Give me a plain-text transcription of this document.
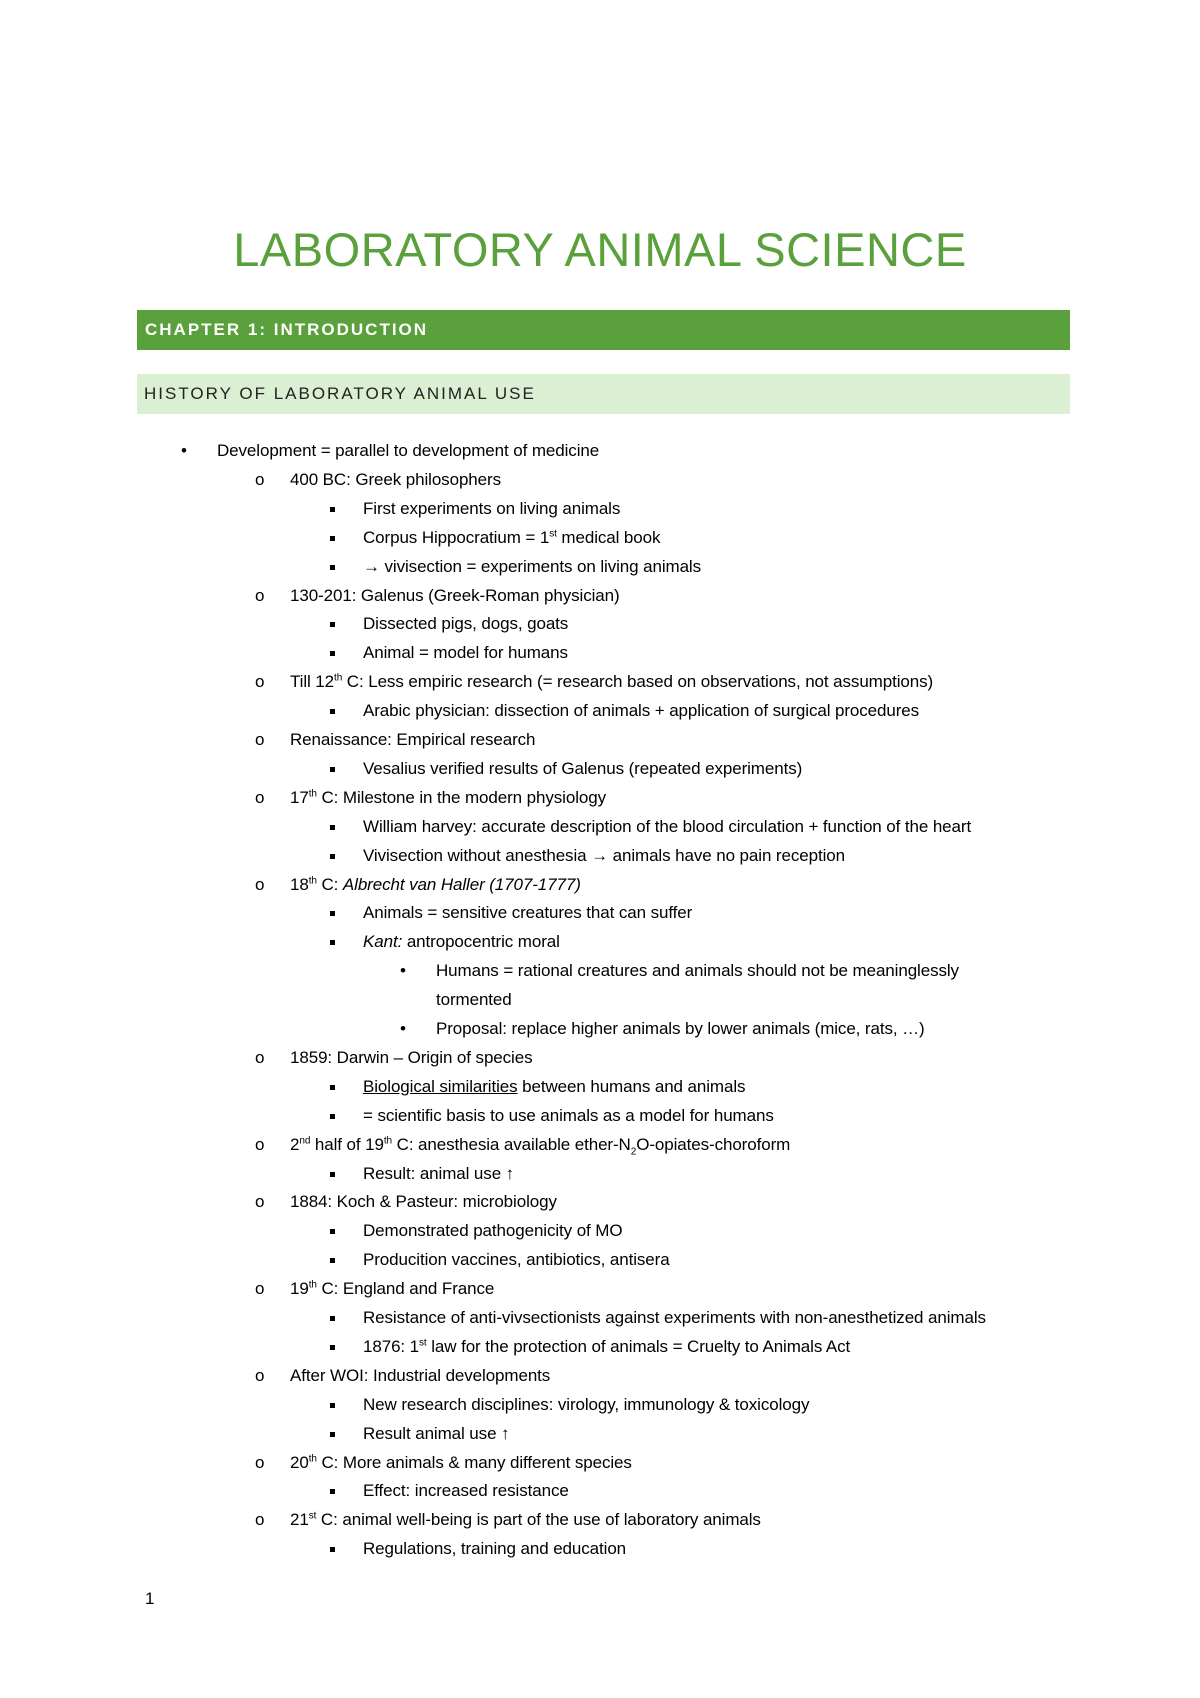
LABORATORY ANIMAL SCIENCE
CHAPTER 1: INTRODUCTION
HISTORY OF LABORATORY ANIMAL USE
• Development = parallel to development of medicine
o 400 BC: Greek philosophers
First experiments on living animals
Corpus Hippocratium = 1st medical book
→ vivisection = experiments on living animals
o 130-201: Galenus (Greek-Roman physician)
Dissected pigs, dogs, goats
Animal = model for humans
o Till 12th C: Less empiric research (= research based on observations, not assumptions)
Arabic physician: dissection of animals + application of surgical procedures
o Renaissance: Empirical research
Vesalius verified results of Galenus (repeated experiments)
o 17th C: Milestone in the modern physiology
William harvey: accurate description of the blood circulation + function of the heart
Vivisection without anesthesia → animals have no pain reception
o 18th C: Albrecht van Haller (1707-1777)
Animals = sensitive creatures that can suffer
Kant: antropocentric moral
• Humans = rational creatures and animals should not be meaninglessly
tormented
• Proposal: replace higher animals by lower animals (mice, rats, …)
o 1859: Darwin – Origin of species
Biological similarities between humans and animals
= scientific basis to use animals as a model for humans
o 2nd half of 19th C: anesthesia available ether-$N_2O-opiates$-choroform
Result: animal use ↑
o 1884: Koch & Pasteur: microbiology
Demonstrated pathogenicity of MO
Producition vaccines, antibiotics, antisera
o 19th C: England and France
Resistance of anti-vivsectionists against experiments with non-anesthetized animals
1876: 1st law for the protection of animals = Cruelty to Animals Act
o After WOI: Industrial developments
New research disciplines: virology, immunology & toxicology
Result animal use ↑
o 20th C: More animals & many different species
Effect: increased resistance
o 21st C: animal well-being is part of the use of laboratory animals
Regulations, training and education
1
